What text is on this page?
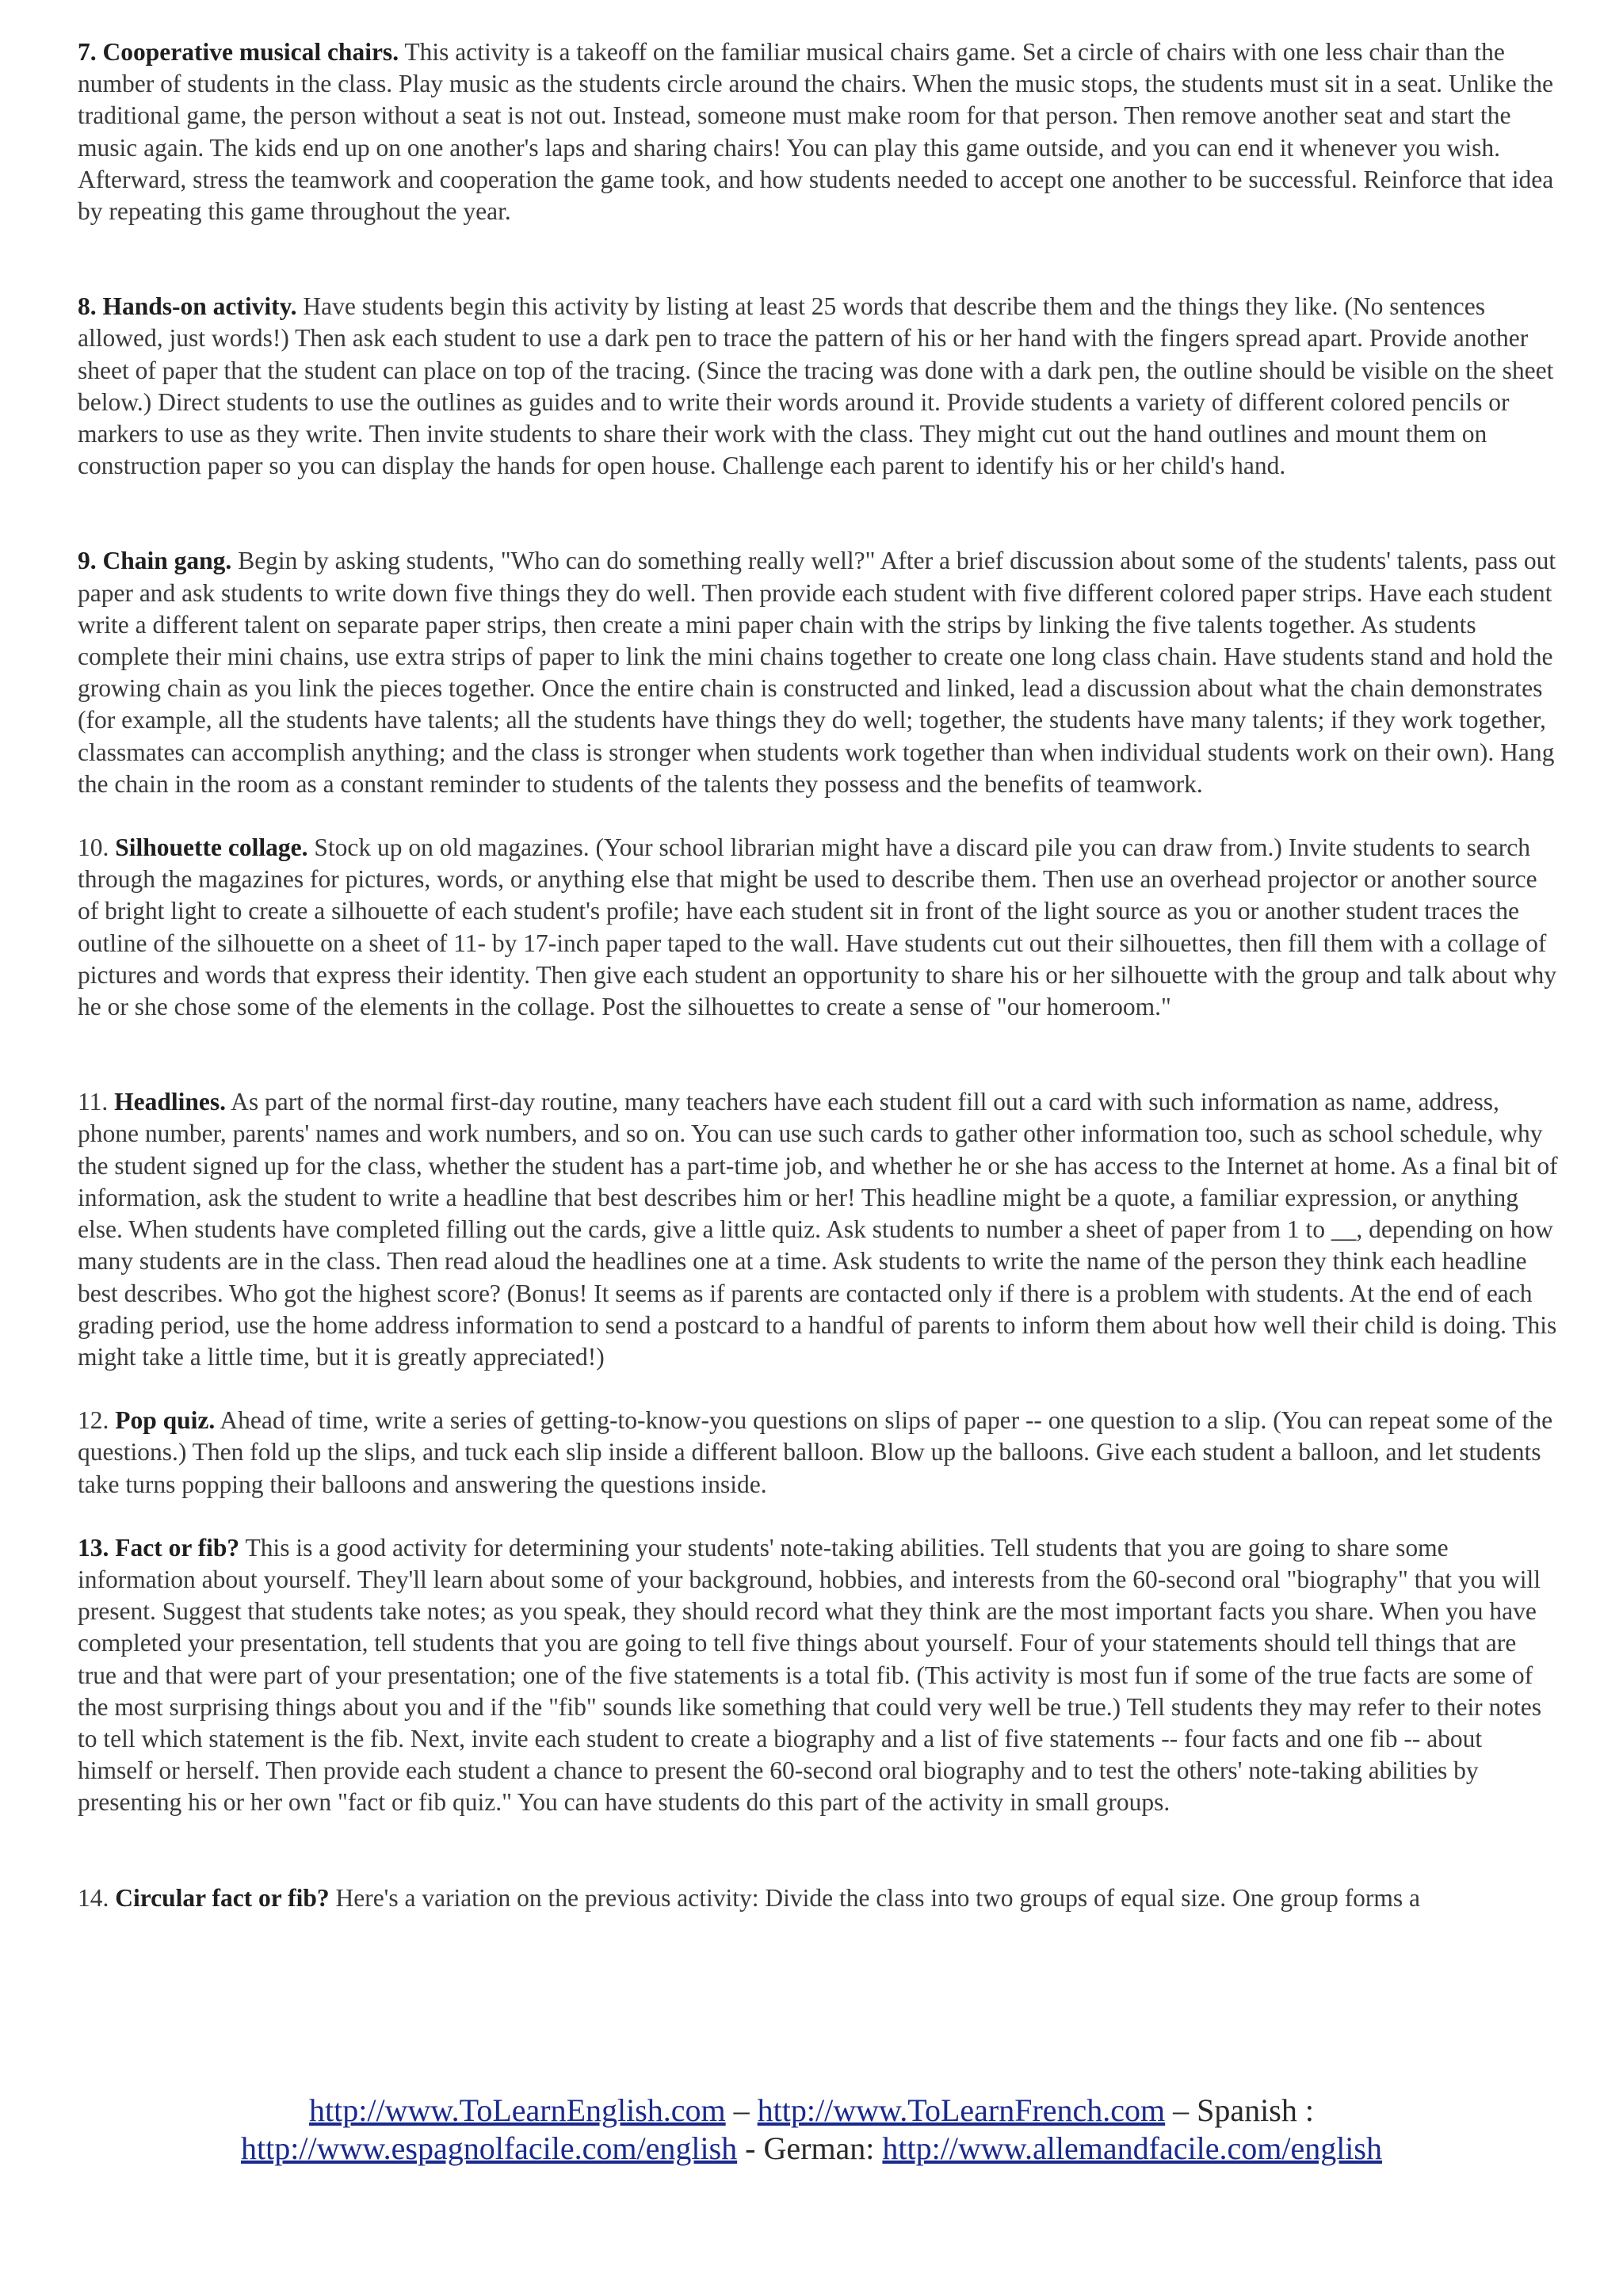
7. Cooperative musical chairs. This activity is a takeoff on the familiar musical chairs game. Set a circle of chairs with one less chair than the number of students in the class. Play music as the students circle around the chairs. When the music stops, the students must sit in a seat. Unlike the traditional game, the person without a seat is not out. Instead, someone must make room for that person. Then remove another seat and start the music again. The kids end up on one another's laps and sharing chairs! You can play this game outside, and you can end it whenever you wish. Afterward, stress the teamwork and cooperation the game took, and how students needed to accept one another to be successful. Reinforce that idea by repeating this game throughout the year.

8. Hands-on activity. Have students begin this activity by listing at least 25 words that describe them and the things they like. (No sentences allowed, just words!) Then ask each student to use a dark pen to trace the pattern of his or her hand with the fingers spread apart. Provide another sheet of paper that the student can place on top of the tracing. (Since the tracing was done with a dark pen, the outline should be visible on the sheet below.) Direct students to use the outlines as guides and to write their words around it. Provide students a variety of different colored pencils or markers to use as they write. Then invite students to share their work with the class. They might cut out the hand outlines and mount them on construction paper so you can display the hands for open house. Challenge each parent to identify his or her child's hand.

9. Chain gang. Begin by asking students, "Who can do something really well?" After a brief discussion about some of the students' talents, pass out paper and ask students to write down five things they do well. Then provide each student with five different colored paper strips. Have each student write a different talent on separate paper strips, then create a mini paper chain with the strips by linking the five talents together. As students complete their mini chains, use extra strips of paper to link the mini chains together to create one long class chain. Have students stand and hold the growing chain as you link the pieces together. Once the entire chain is constructed and linked, lead a discussion about what the chain demonstrates (for example, all the students have talents; all the students have things they do well; together, the students have many talents; if they work together, classmates can accomplish anything; and the class is stronger when students work together than when individual students work on their own). Hang the chain in the room as a constant reminder to students of the talents they possess and the benefits of teamwork.

10. Silhouette collage. Stock up on old magazines. (Your school librarian might have a discard pile you can draw from.) Invite students to search through the magazines for pictures, words, or anything else that might be used to describe them. Then use an overhead projector or another source of bright light to create a silhouette of each student's profile; have each student sit in front of the light source as you or another student traces the outline of the silhouette on a sheet of 11- by 17-inch paper taped to the wall. Have students cut out their silhouettes, then fill them with a collage of pictures and words that express their identity. Then give each student an opportunity to share his or her silhouette with the group and talk about why he or she chose some of the elements in the collage. Post the silhouettes to create a sense of "our homeroom."

11. Headlines. As part of the normal first-day routine, many teachers have each student fill out a card with such information as name, address, phone number, parents' names and work numbers, and so on. You can use such cards to gather other information too, such as school schedule, why the student signed up for the class, whether the student has a part-time job, and whether he or she has access to the Internet at home. As a final bit of information, ask the student to write a headline that best describes him or her! This headline might be a quote, a familiar expression, or anything else. When students have completed filling out the cards, give a little quiz. Ask students to number a sheet of paper from 1 to __, depending on how many students are in the class. Then read aloud the headlines one at a time. Ask students to write the name of the person they think each headline best describes. Who got the highest score? (Bonus! It seems as if parents are contacted only if there is a problem with students. At the end of each grading period, use the home address information to send a postcard to a handful of parents to inform them about how well their child is doing. This might take a little time, but it is greatly appreciated!)

12. Pop quiz. Ahead of time, write a series of getting-to-know-you questions on slips of paper -- one question to a slip. (You can repeat some of the questions.) Then fold up the slips, and tuck each slip inside a different balloon. Blow up the balloons. Give each student a balloon, and let students take turns popping their balloons and answering the questions inside.

13. Fact or fib? This is a good activity for determining your students' note-taking abilities. Tell students that you are going to share some information about yourself. They'll learn about some of your background, hobbies, and interests from the 60-second oral "biography" that you will present. Suggest that students take notes; as you speak, they should record what they think are the most important facts you share. When you have completed your presentation, tell students that you are going to tell five things about yourself. Four of your statements should tell things that are true and that were part of your presentation; one of the five statements is a total fib. (This activity is most fun if some of the true facts are some of the most surprising things about you and if the "fib" sounds like something that could very well be true.) Tell students they may refer to their notes to tell which statement is the fib. Next, invite each student to create a biography and a list of five statements -- four facts and one fib -- about himself or herself. Then provide each student a chance to present the 60-second oral biography and to test the others' note-taking abilities by presenting his or her own "fact or fib quiz." You can have students do this part of the activity in small groups.

14. Circular fact or fib? Here's a variation on the previous activity: Divide the class into two groups of equal size. One group forms a

http://www.ToLearnEnglish.com – http://www.ToLearnFrench.com – Spanish :
http://www.espagnolfacile.com/english - German: http://www.allemandfacile.com/english
